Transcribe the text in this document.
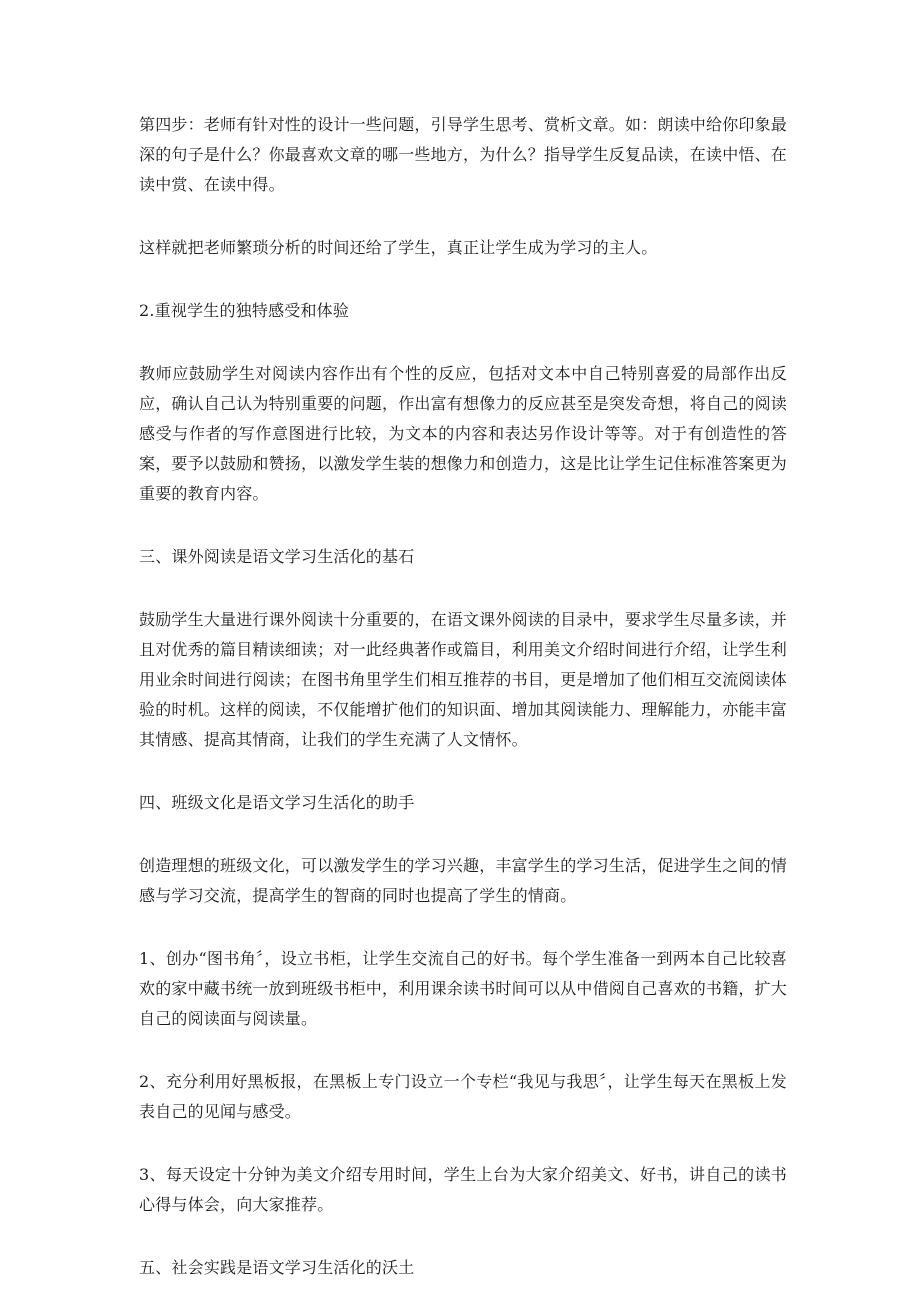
第四步：老师有针对性的设计一些问题，引导学生思考、赏析文章。如：朗读中给你印象最深的句子是什么？你最喜欢文章的哪一些地方，为什么？指导学生反复品读，在读中悟、在读中赏、在读中得。

这样就把老师繁琐分析的时间还给了学生，真正让学生成为学习的主人。

2.重视学生的独特感受和体验

教师应鼓励学生对阅读内容作出有个性的反应，包括对文本中自己特别喜爱的局部作出反应，确认自己认为特别重要的问题，作出富有想像力的反应甚至是突发奇想，将自己的阅读感受与作者的写作意图进行比较，为文本的内容和表达另作设计等等。对于有创造性的答案，要予以鼓励和赞扬，以激发学生装的想像力和创造力，这是比让学生记住标准答案更为重要的教育内容。

三、课外阅读是语文学习生活化的基石

鼓励学生大量进行课外阅读十分重要的，在语文课外阅读的目录中，要求学生尽量多读，并且对优秀的篇目精读细读；对一此经典著作或篇目，利用美文介绍时间进行介绍，让学生利用业余时间进行阅读；在图书角里学生们相互推荐的书目，更是增加了他们相互交流阅读体验的时机。这样的阅读，不仅能增扩他们的知识面、增加其阅读能力、理解能力，亦能丰富其情感、提高其情商，让我们的学生充满了人文情怀。

四、班级文化是语文学习生活化的助手

创造理想的班级文化，可以激发学生的学习兴趣，丰富学生的学习生活，促进学生之间的情感与学习交流，提高学生的智商的同时也提高了学生的情商。

1、创办“图书角〞，设立书柜，让学生交流自己的好书。每个学生准备一到两本自己比较喜欢的家中藏书统一放到班级书柜中，利用课余读书时间可以从中借阅自己喜欢的书籍，扩大自己的阅读面与阅读量。

2、充分利用好黑板报，在黑板上专门设立一个专栏“我见与我思〞，让学生每天在黑板上发表自己的见闻与感受。

3、每天设定十分钟为美文介绍专用时间，学生上台为大家介绍美文、好书，讲自己的读书心得与体会，向大家推荐。

五、社会实践是语文学习生活化的沃土
